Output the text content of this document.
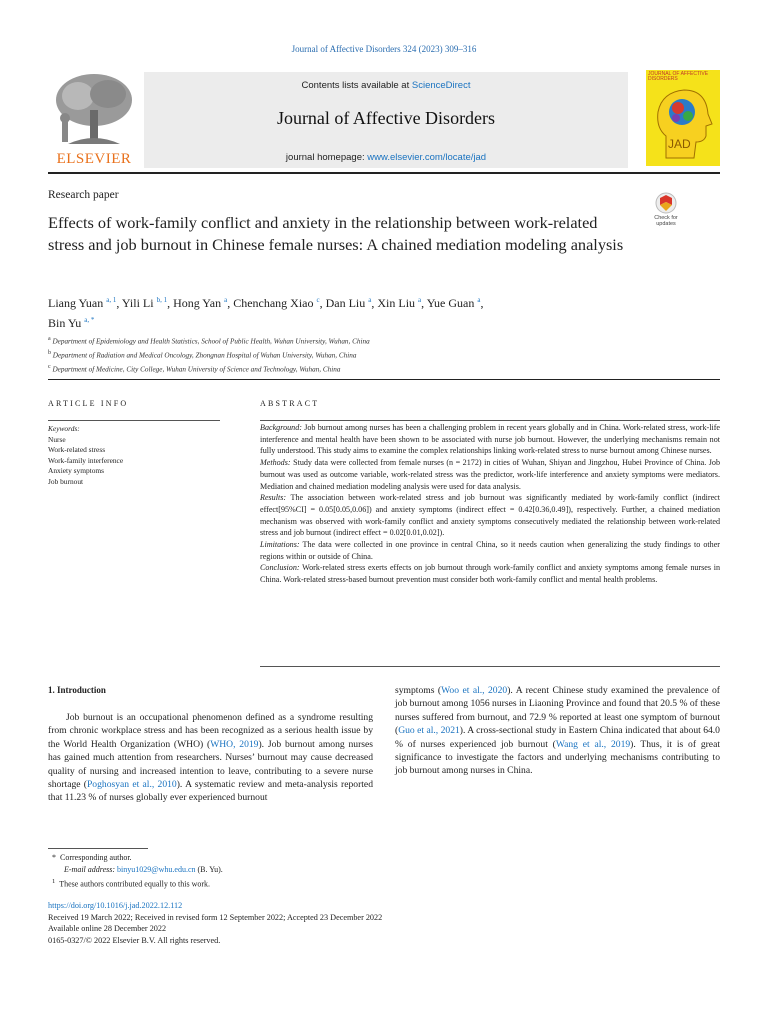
Journal of Affective Disorders 324 (2023) 309–316
ELSEVIER
Contents lists available at ScienceDirect
Journal of Affective Disorders
journal homepage: www.elsevier.com/locate/jad
JOURNAL OF AFFECTIVE DISORDERS
JAD
Research paper
Effects of work-family conflict and anxiety in the relationship between work-related stress and job burnout in Chinese female nurses: A chained mediation modeling analysis
Check for updates
Liang Yuan $^{a, 1}$, Yili Li $^{b, 1}$, Hong Yan $^a$, Chenchang Xiao $^c$, Dan Liu $^a$, Xin Liu $^a$, Yue Guan $^a$,
Bin Yu $^{a, *}$
$^a$ Department of Epidemiology and Health Statistics, School of Public Health, Wuhan University, Wuhan, China
$^b$ Department of Radiation and Medical Oncology, Zhongnan Hospital of Wuhan University, Wuhan, China
$^c$ Department of Medicine, City College, Wuhan University of Science and Technology, Wuhan, China
ARTICLE INFO	ABSTRACT
Keywords:
Nurse
Work-related stress
Work-family interference
Anxiety symptoms
Job burnout

Background: Job burnout among nurses has been a challenging problem in recent years globally and in China. Work-related stress, work-life interference and mental health have been shown to be associated with nurse job burnout. However, the underlying mechanisms remain not fully understood. This study aims to examine the complex relationships linking work-related stress to nurse burnout among Chinese nurses.

Methods: Study data were collected from female nurses (n = 2172) in cities of Wuhan, Shiyan and Jingzhou, Hubei Province of China. Job burnout was used as outcome variable, work-related stress was the predictor, work-life interference and anxiety symptoms were mediators. Mediation and chained mediation modeling analysis were used for data analysis.

Results: The association between work-related stress and job burnout was significantly mediated by work-family conflict (indirect effect[95%CI] = 0.05[0.05,0.06]) and anxiety symptoms (indirect effect = 0.42[0.36,0.49]), respectively. Further, a chained mediation mechanism was observed with work-family conflict and anxiety symptoms consecutively mediated the relationship between work-related stress and job burnout (indirect effect = 0.02[0.01,0.02]).

Limitations: The data were collected in one province in central China, so it needs caution when generalizing the study findings to other regions within or outside of China.

Conclusion: Work-related stress exerts effects on job burnout through work-family conflict and anxiety symptoms among female nurses in China. Work-related stress-based burnout prevention must consider both work-family conflict and mental health problems.

1. Introduction

Job burnout is an occupational phenomenon defined as a syndrome resulting from chronic workplace stress and has been recognized as a serious health issue by the World Health Organization (WHO) (WHO, 2019). Job burnout among nurses has gained much attention from researchers. Nurses’ burnout may cause decreased quality of nursing and increased intention to leave, contributing to a severe nurse shortage (Poghosyan et al., 2010). A systematic review and meta-analysis reported that 11.23 % of nurses globally ever experienced burnout

symptoms (Woo et al., 2020). A recent Chinese study examined the prevalence of job burnout among 1056 nurses in Liaoning Province and found that 20.5 % of these nurses suffered from burnout, and 72.9 % reported at least one symptom of burnout (Guo et al., 2021). A cross-sectional study in Eastern China indicated that about 64.0 % of nurses experienced job burnout (Wang et al., 2019). Thus, it is of great significance to investigate the factors and underlying mechanisms contributing to job burnout among nurses in China.

* Corresponding author.
E-mail address: binyu1029@whu.edu.cn (B. Yu).
$^1$ These authors contributed equally to this work.
https://doi.org/10.1016/j.jad.2022.12.112
Received 19 March 2022; Received in revised form 12 September 2022; Accepted 23 December 2022
Available online 28 December 2022
0165-0327/© 2022 Elsevier B.V. All rights reserved.
